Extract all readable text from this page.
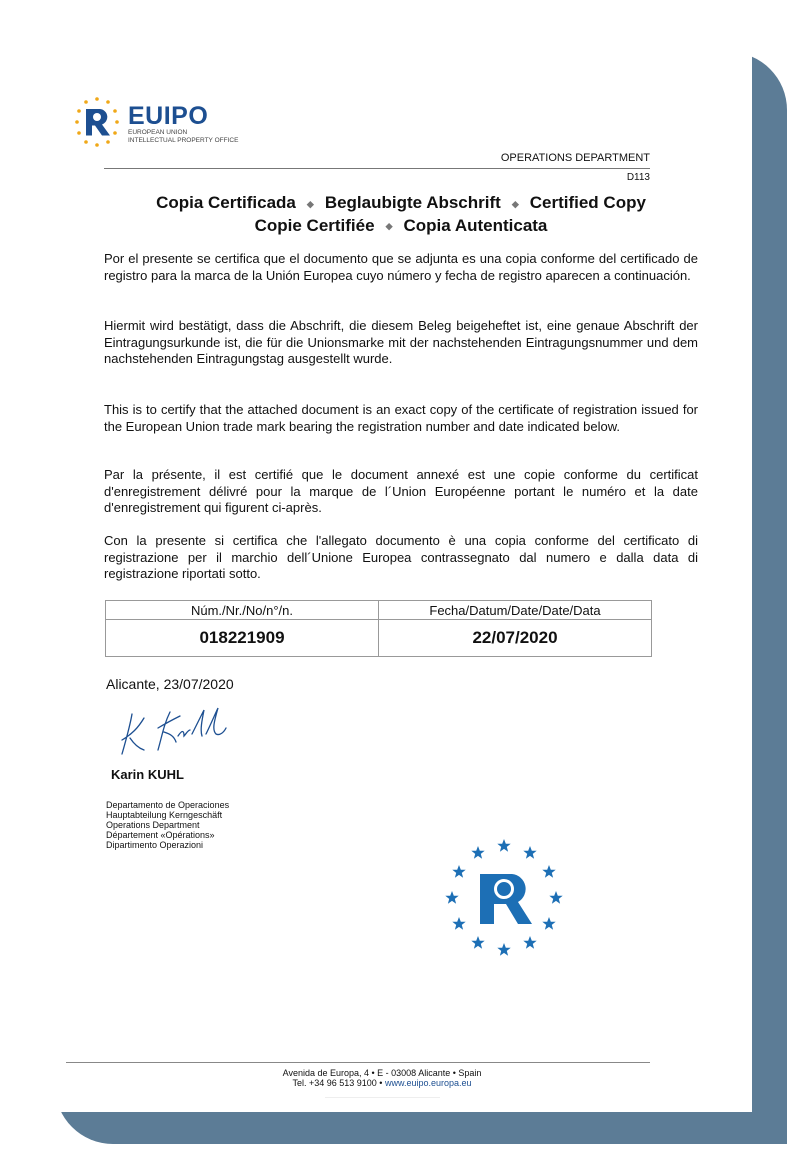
EUIPO
EUROPEAN UNION
INTELLECTUAL PROPERTY OFFICE
OPERATIONS DEPARTMENT
D113
Copia Certificada ◆ Beglaubigte Abschrift ◆ Certified Copy
Copie Certifiée ◆ Copia Autenticata
Por el presente se certifica que el documento que se adjunta es una copia conforme del certificado de registro para la marca de la Unión Europea cuyo número y fecha de registro aparecen a continuación.
Hiermit wird bestätigt, dass die Abschrift, die diesem Beleg beigeheftet ist, eine genaue Abschrift der Eintragungsurkunde ist, die für die Unionsmarke mit der nachstehenden Eintragungsnummer und dem nachstehenden Eintragungstag ausgestellt wurde.
This is to certify that the attached document is an exact copy of the certificate of registration issued for the European Union trade mark bearing the registration number and date indicated below.
Par la présente, il est certifié que le document annexé est une copie conforme du certificat d'enregistrement délivré pour la marque de l´Union Européenne portant le numéro et la date d'enregistrement qui figurent ci-après.
Con la presente si certifica che l'allegato documento è una copia conforme del certificato di registrazione per il marchio dell´Unione Europea contrassegnato dal numero e dalla data di registrazione riportati sotto.
Núm./Nr./No/n°/n.	Fecha/Datum/Date/Date/Data
018221909	22/07/2020
Alicante, 23/07/2020
Karin KUHL
Departamento de Operaciones
Hauptabteilung Kerngeschäft
Operations Department
Département «Opérations»
Dipartimento Operazioni
Avenida de Europa, 4 • E - 03008 Alicante • Spain
Tel. +34 96 513 9100 • www.euipo.europa.eu
